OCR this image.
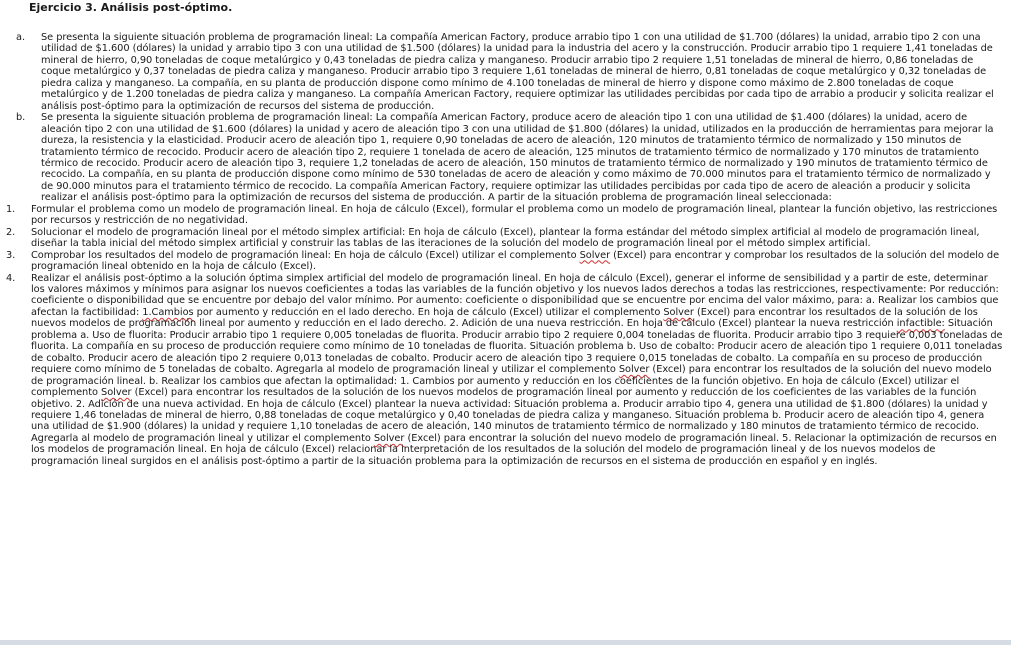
Ejercicio 3. Análisis post-óptimo.
a.	Se presenta la siguiente situación problema de programación lineal: La compañía American Factory, produce arrabio tipo 1 con una utilidad de $1.700 (dólares) la unidad, arrabio tipo 2 con una utilidad de $1.600 (dólares) la unidad y arrabio tipo 3 con una utilidad de $1.500 (dólares) la unidad para la industria del acero y la construcción. Producir arrabio tipo 1 requiere 1,41 toneladas de mineral de hierro, 0,90 toneladas de coque metalúrgico y 0,43 toneladas de piedra caliza y manganeso. Producir arrabio tipo 2 requiere 1,51 toneladas de mineral de hierro, 0,86 toneladas de coque metalúrgico y 0,37 toneladas de piedra caliza y manganeso. Producir arrabio tipo 3 requiere 1,61 toneladas de mineral de hierro, 0,81 toneladas de coque metalúrgico y 0,32 toneladas de piedra caliza y manganeso. La compañía, en su planta de producción dispone como mínimo de 4.100 toneladas de mineral de hierro y dispone como máximo de 2.800 toneladas de coque metalúrgico y de 1.200 toneladas de piedra caliza y manganeso. La compañía American Factory, requiere optimizar las utilidades percibidas por cada tipo de arrabio a producir y solicita realizar el análisis post-óptimo para la optimización de recursos del sistema de producción.
b.	Se presenta la siguiente situación problema de programación lineal: La compañía American Factory, produce acero de aleación tipo 1 con una utilidad de $1.400 (dólares) la unidad, acero de aleación tipo 2 con una utilidad de $1.600 (dólares) la unidad y acero de aleación tipo 3 con una utilidad de $1.800 (dólares) la unidad, utilizados en la producción de herramientas para mejorar la dureza, la resistencia y la elasticidad. Producir acero de aleación tipo 1, requiere 0,90 toneladas de acero de aleación, 120 minutos de tratamiento térmico de normalizado y 150 minutos de tratamiento térmico de recocido. Producir acero de aleación tipo 2, requiere 1 tonelada de acero de aleación, 125 minutos de tratamiento térmico de normalizado y 170 minutos de tratamiento térmico de recocido. Producir acero de aleación tipo 3, requiere 1,2 toneladas de acero de aleación, 150 minutos de tratamiento térmico de normalizado y 190 minutos de tratamiento térmico de recocido. La compañía, en su planta de producción dispone como mínimo de 530 toneladas de acero de aleación y como máximo de 70.000 minutos para el tratamiento térmico de normalizado y de 90.000 minutos para el tratamiento térmico de recocido. La compañía American Factory, requiere optimizar las utilidades percibidas por cada tipo de acero de aleación a producir y solicita realizar el análisis post-óptimo para la optimización de recursos del sistema de producción. A partir de la situación problema de programación lineal seleccionada:
1.	Formular el problema como un modelo de programación lineal. En hoja de cálculo (Excel), formular el problema como un modelo de programación lineal, plantear la función objetivo, las restricciones por recursos y restricción de no negatividad.
2.	Solucionar el modelo de programación lineal por el método simplex artificial: En hoja de cálculo (Excel), plantear la forma estándar del método simplex artificial al modelo de programación lineal, diseñar la tabla inicial del método simplex artificial y construir las tablas de las iteraciones de la solución del modelo de programación lineal por el método simplex artificial.
3.	Comprobar los resultados del modelo de programación lineal: En hoja de cálculo (Excel) utilizar el complemento Solver (Excel) para encontrar y comprobar los resultados de la solución del modelo de programación lineal obtenido en la hoja de cálculo (Excel).
4.	Realizar el análisis post-óptimo a la solución óptima simplex artificial del modelo de programación lineal. En hoja de cálculo (Excel), generar el informe de sensibilidad y a partir de este, determinar los valores máximos y mínimos para asignar los nuevos coeficientes a todas las variables de la función objetivo y los nuevos lados derechos a todas las restricciones, respectivamente: Por reducción: coeficiente o disponibilidad que se encuentre por debajo del valor mínimo. Por aumento: coeficiente o disponibilidad que se encuentre por encima del valor máximo, para: a. Realizar los cambios que afectan la factibilidad: 1.Cambios por aumento y reducción en el lado derecho. En hoja de cálculo (Excel) utilizar el complemento Solver (Excel) para encontrar los resultados de la solución de los nuevos modelos de programación lineal por aumento y reducción en el lado derecho. 2. Adición de una nueva restricción. En hoja de cálculo (Excel) plantear la nueva restricción infactible: Situación problema a. Uso de fluorita: Producir arrabio tipo 1 requiere 0,005 toneladas de fluorita. Producir arrabio tipo 2 requiere 0,004 toneladas de fluorita. Producir arrabio tipo 3 requiere 0,003 toneladas de fluorita. La compañía en su proceso de producción requiere como mínimo de 10 toneladas de fluorita. Situación problema b. Uso de cobalto: Producir acero de aleación tipo 1 requiere 0,011 toneladas de cobalto. Producir acero de aleación tipo 2 requiere 0,013 toneladas de cobalto. Producir acero de aleación tipo 3 requiere 0,015 toneladas de cobalto. La compañía en su proceso de producción requiere como mínimo de 5 toneladas de cobalto. Agregarla al modelo de programación lineal y utilizar el complemento Solver (Excel) para encontrar los resultados de la solución del nuevo modelo de programación lineal. b. Realizar los cambios que afectan la optimalidad: 1. Cambios por aumento y reducción en los coeficientes de la función objetivo. En hoja de cálculo (Excel) utilizar el complemento Solver (Excel) para encontrar los resultados de la solución de los nuevos modelos de programación lineal por aumento y reducción de los coeficientes de las variables de la función objetivo. 2. Adición de una nueva actividad. En hoja de cálculo (Excel) plantear la nueva actividad: Situación problema a. Producir arrabio tipo 4, genera una utilidad de $1.800 (dólares) la unidad y requiere 1,46 toneladas de mineral de hierro, 0,88 toneladas de coque metalúrgico y 0,40 toneladas de piedra caliza y manganeso. Situación problema b. Producir acero de aleación tipo 4, genera una utilidad de $1.900 (dólares) la unidad y requiere 1,10 toneladas de acero de aleación, 140 minutos de tratamiento térmico de normalizado y 180 minutos de tratamiento térmico de recocido. Agregarla al modelo de programación lineal y utilizar el complemento Solver (Excel) para encontrar la solución del nuevo modelo de programación lineal. 5. Relacionar la optimización de recursos en los modelos de programación lineal. En hoja de cálculo (Excel) relacionar la interpretación de los resultados de la solución del modelo de programación lineal y de los nuevos modelos de programación lineal surgidos en el análisis post-óptimo a partir de la situación problema para la optimización de recursos en el sistema de producción en español y en inglés.
